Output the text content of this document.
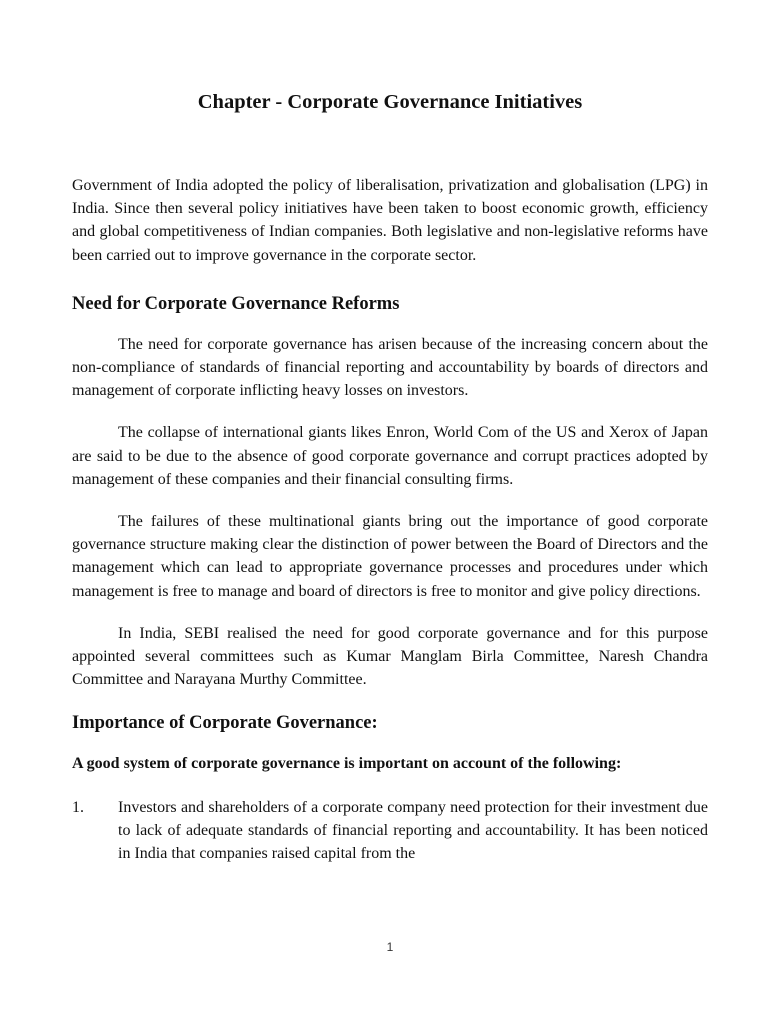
Chapter - Corporate Governance Initiatives

Government of India adopted the policy of liberalisation, privatization and globalisation (LPG) in India. Since then several policy initiatives have been taken to boost economic growth, efficiency and global competitiveness of Indian companies. Both legislative and non-legislative reforms have been carried out to improve governance in the corporate sector.

Need for Corporate Governance Reforms

The need for corporate governance has arisen because of the increasing concern about the non-compliance of standards of financial reporting and accountability by boards of directors and management of corporate inflicting heavy losses on investors.

The collapse of international giants likes Enron, World Com of the US and Xerox of Japan are said to be due to the absence of good corporate governance and corrupt practices adopted by management of these companies and their financial consulting firms.

The failures of these multinational giants bring out the importance of good corporate governance structure making clear the distinction of power between the Board of Directors and the management which can lead to appropriate governance processes and procedures under which management is free to manage and board of directors is free to monitor and give policy directions.

In India, SEBI realised the need for good corporate governance and for this purpose appointed several committees such as Kumar Manglam Birla Committee, Naresh Chandra Committee and Narayana Murthy Committee.

Importance of Corporate Governance:

A good system of corporate governance is important on account of the following:

1.	Investors and shareholders of a corporate company need protection for their investment due to lack of adequate standards of financial reporting and accountability. It has been noticed in India that companies raised capital from the

1
